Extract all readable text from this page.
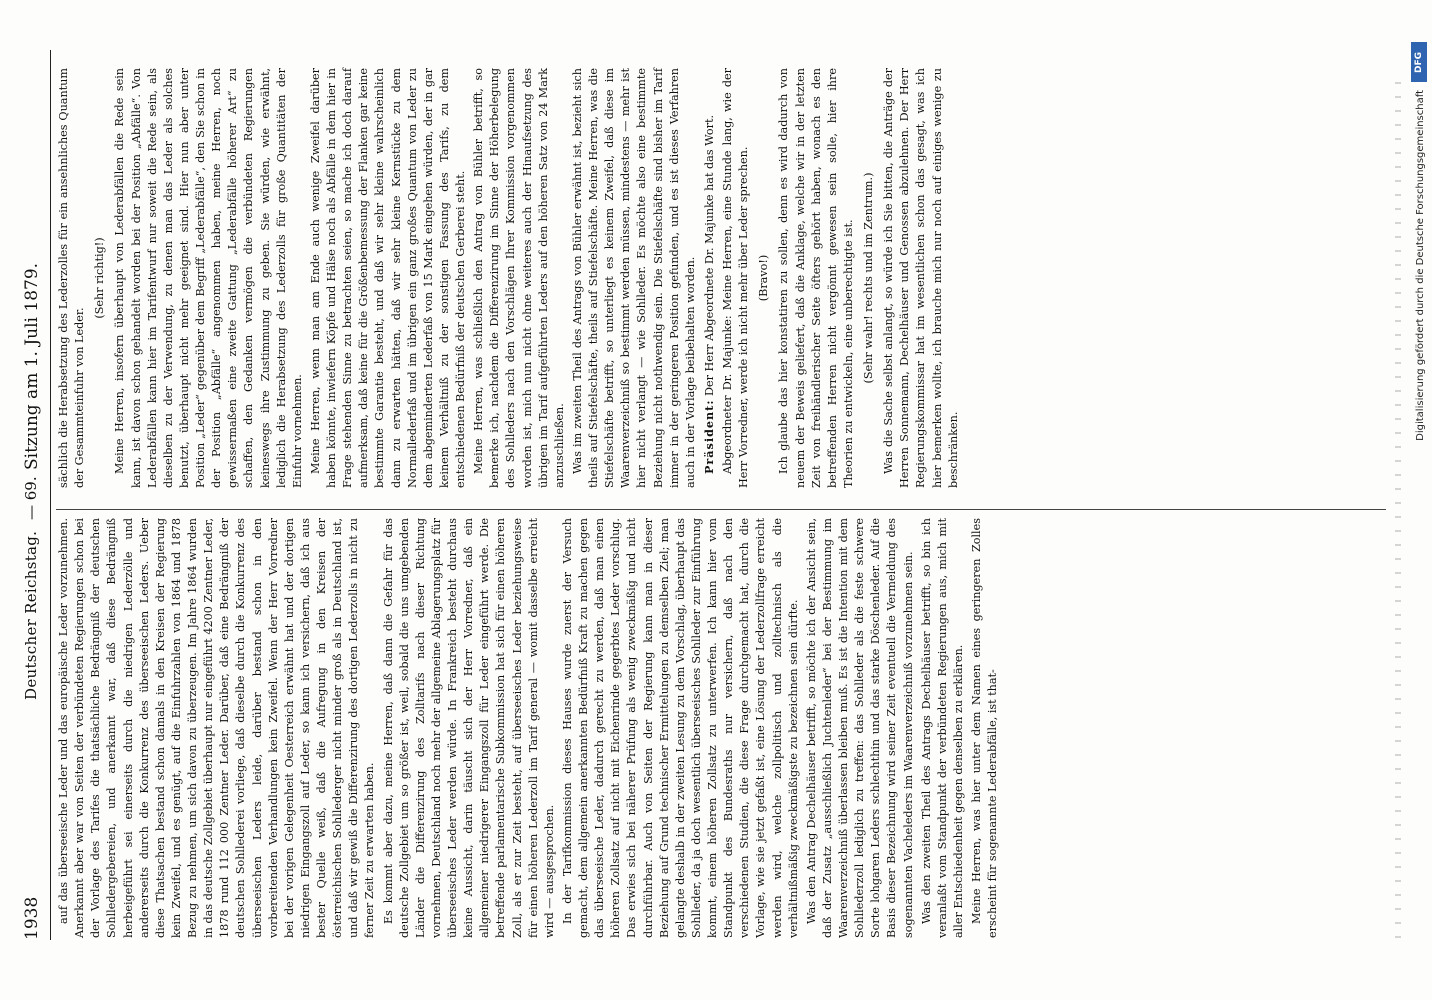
1938
Deutscher Reichstag.
— 69.
Sitzung am 1. Juli 1879.

auf das überseeische Leder und das europäische Leder vorzunehmen. Anerkannt aber war von Seiten der verbündeten Regierungen schon bei der Vorlage des Tarifes die thatsächliche Bedrängniß der deutschen Sohlledergebereien, und anerkannt war, daß diese Bedrängniß herbeigeführt sei einerseits durch die niedrigen Lederzölle und andererseits durch die Konkurrenz des überseeischen Leders. Ueber diese Thatsachen bestand schon damals in den Kreisen der Regierung kein Zweifel, und es genügt, auf die Einfuhrzahlen von 1864 und 1878 Bezug zu nehmen, um sich davon zu überzeugen. Im Jahre 1864 wurden in das deutsche Zollgebiet überhaupt nur eingeführt 4200 Zentner Leder, 1878 rund 112 000 Zentner Leder. Darüber, daß eine Bedrängniß der deutschen Sohllederei vorliege, daß dieselbe durch die Konkurrenz des überseeischen Leders leide, darüber bestand schon in den vorbereitenden Verhandlungen kein Zweifel. Wenn der Herr Vorredner bei der vorigen Gelegenheit Oesterreich erwähnt hat und der dortigen niedrigen Eingangszoll auf Leder, so kann ich versichern, daß ich aus bester Quelle weiß, daß die Aufregung in den Kreisen der österreichischen Sohllederger nicht minder groß als in Deutschland ist, und daß wir gewiß die Differenzirung des dortigen Lederzolls in nicht zu ferner Zeit zu erwarten haben. Es kommt aber dazu, meine Herren, daß dann die Gefahr für das deutsche Zollgebiet um so größer ist, weil, sobald die uns umgebenden Länder die Differenzirung des Zolltarifs nach dieser Richtung vornehmen, Deutschland noch mehr der allgemeine Ablagerungsplatz für überseeisches Leder werden würde. In Frankreich besteht durchaus keine Aussicht, darin täuscht sich der Herr Vorredner, daß ein allgemeiner niedrigerer Eingangszoll für Leder eingeführt werde. Die betreffende parlamentarische Subkommission hat sich für einen höheren Zoll, als er zur Zeit besteht, auf überseeisches Leder beziehungsweise für einen höheren Lederzoll im Tarif general — womit dasselbe erreicht wird — ausgesprochen. In der Tarifkommission dieses Hauses wurde zuerst der Versuch gemacht, dem allgemein anerkannten Bedürfniß Kraft zu machen gegen das überseeische Leder, dadurch gerecht zu werden, daß man einen höheren Zollsatz auf nicht mit Eichenrinde gegerbtes Leder vorschlug. Das erwies sich bei näherer Prüfung als wenig zweckmäßig und nicht durchführbar. Auch von Seiten der Regierung kann man in dieser Beziehung auf Grund technischer Ermittelungen zu demselben Ziel; man gelangte deshalb in der zweiten Lesung zu dem Vorschlag, überhaupt das Sohlleder, da ja doch wesentlich überseeisches Sohlleder zur Einführung kommt, einem höheren Zollsatz zu unterwerfen. Ich kann hier vom Standpunkt des Bundesraths nur versichern, daß nach den verschiedenen Studien, die diese Frage durchgemacht hat, durch die Vorlage, wie sie jetzt gefaßt ist, eine Lösung der Lederzollfrage erreicht werden wird, welche zollpolitisch und zolltechnisch als die verhältnißmäßig zweckmäßigste zu bezeichnen sein dürfte. Was den Antrag Dechelhäuser betrifft, so möchte ich der Ansicht sein, daß der Zusatz „ausschließlich Juchtenleder“ bei der Bestimmung im Waarenverzeichniß überlassen bleiben muß. Es ist die Intention mit dem Sohllederzoll lediglich zu treffen: das Sohlleder als die feste schwere Sorte lohgaren Leders schlechthin und das starke Döschenleder. Auf die Basis dieser Bezeichnung wird seiner Zeit eventuell die Vermeldung des sogenannten Vacheleders im Waarenverzeichniß vorzunehmen sein. Was den zweiten Theil des Antrags Dechelhäuser betrifft, so bin ich veranlaßt vom Standpunkt der verbündeten Regierungen aus, mich mit aller Entschiedenheit gegen denselben zu erklären. Meine Herren, was hier unter dem Namen eines geringeren Zolles erscheint für sogenannte Lederabfälle, ist that-

sächlich die Herabsetzung des Lederzolles für ein ansehnliches Quantum der Gesammteinfuhr von Leder.

(Sehr richtig!) Meine Herren, insofern überhaupt von Lederabfällen die Rede sein kann, ist davon schon gehandelt worden bei der Position „Abfälle“. Von Lederabfällen kann hier im Tarifentwurf nur soweit die Rede sein, als dieselben zu der Verwendung, zu denen man das Leder als solches benutzt, überhaupt nicht mehr geeignet sind. Hier nun aber unter Position „Leder“ gegenüber dem Begriff „Lederabfälle“, den Sie schon in der Position „Abfälle“ angenommen haben, meine Herren, noch gewissermaßen eine zweite Gattung „Lederabfälle höherer Art“ zu schaffen, den Gedanken vermögen die verbündeten Regierungen keineswegs ihre Zustimmung zu geben. Sie würden, wie erwähnt, lediglich die Herabsetzung des Lederzolls für große Quantitäten der Einfuhr vornehmen. Meine Herren, wenn man am Ende auch wenige Zweifel darüber haben könnte, inwiefern Köpfe und Hälse noch als Abfälle in dem hier in Frage stehenden Sinne zu betrachten seien, so mache ich doch darauf aufmerksam, daß keine für die Größenbemessung der Flanken gar keine bestimmte Garantie besteht, und daß wir sehr kleine wahrscheinlich dann zu erwarten hätten, daß wir sehr kleine Kernstücke zu dem Normallederfaß und im übrigen ein ganz großes Quantum von Leder zu dem abgeminderten Lederfaß von 15 Mark eingehen würden, der in gar keinem Verhältniß zu der sonstigen Fassung des Tarifs, zu dem entschiedenen Bedürfniß der deutschen Gerberei steht. Meine Herren, was schließlich den Antrag von Bühler betrifft, so bemerke ich, nachdem die Differenzirung im Sinne der Höherbelegung des Sohlleders nach den Vorschlägen Ihrer Kommission vorgenommen worden ist, mich nun nicht ohne weiteres auch der Hinaufsetzung des übrigen im Tarif aufgeführten Leders auf den höheren Satz von 24 Mark anzuschließen. Was im zweiten Theil des Antrags von Bühler erwähnt ist, bezieht sich theils auf Stiefelschäfte, theils auf Stiefelschäfte. Meine Herren, was die Stiefelschäfte betrifft, so unterliegt es keinem Zweifel, daß diese im Waarenverzeichniß so bestimmt werden müssen, mindestens — mehr ist hier nicht verlangt — wie Sohlleder. Es möchte also eine bestimmte Beziehung nicht nothwendig sein. Die Stiefelschäfte sind bisher im Tarif immer in der geringeren Position gefunden, und es ist dieses Verfahren auch in der Vorlage beibehalten worden. Präsident: Der Herr Abgeordnete Dr. Majunke hat das Wort. Abgeordneter Dr. Majunke: Meine Herren, eine Stunde lang, wie der Herr Vorredner, werde ich nicht mehr über Leder sprechen. (Bravo!) Ich glaube das hier konstatiren zu sollen, denn es wird dadurch von neuem der Beweis geliefert, daß die Anklage, welche wir in der letzten Zeit von freihändlerischer Seite öfters gehört haben, wonach es den betreffenden Herren nicht vergönnt gewesen sein solle, hier ihre Theorien zu entwickeln, eine unberechtigte ist. (Sehr wahr! rechts und im Zentrum.) Was die Sache selbst anlangt, so würde ich Sie bitten, die Anträge der Herren Sonnemann, Dechelhäuser und Genossen abzulehnen. Der Herr Regierungskommissar hat im wesentlichen schon das gesagt, was ich hier bemerken wollte, ich brauche mich nur noch auf einiges wenige zu beschränken.

DFG
Digitalisierung gefördert durch die Deutsche Forschungsgemeinschaft
